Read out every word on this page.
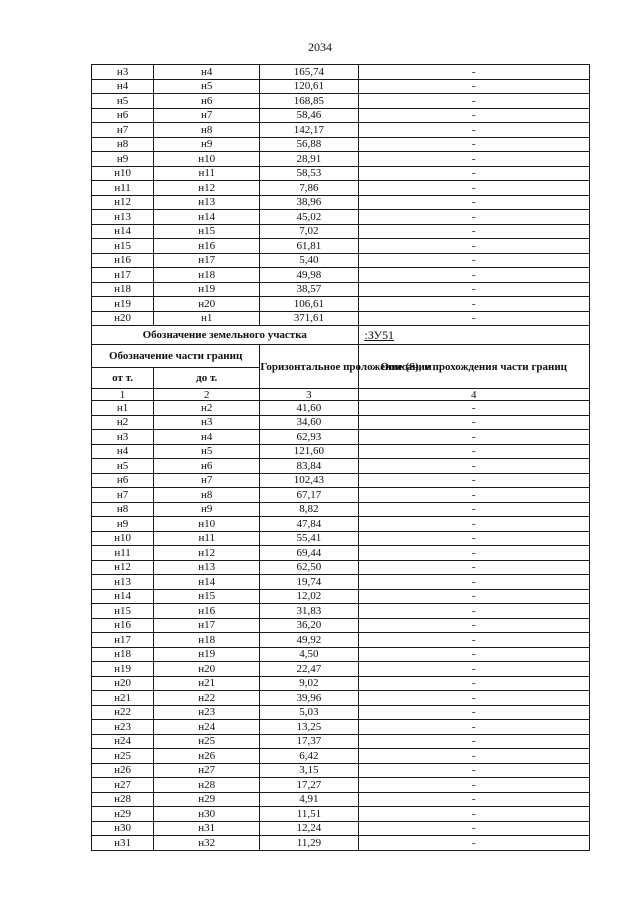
2034
н3	н4	165,74	-
н4	н5	120,61	-
н5	н6	168,85	-
н6	н7	58,46	-
н7	н8	142,17	-
н8	н9	56,88	-
н9	н10	28,91	-
н10	н11	58,53	-
н11	н12	7,86	-
н12	н13	38,96	-
н13	н14	45,02	-
н14	н15	7,02	-
н15	н16	61,81	-
н16	н17	5,40	-
н17	н18	49,98	-
н18	н19	38,57	-
н19	н20	106,61	-
н20	н1	371,61	-
Обозначение земельного участка			:ЗУ51
Обозначение части границ		Горизонтальное проложение (S), м	Описание прохождения части границ
от т.	до т.		
1	2	3	4
н1	н2	41,60	-
н2	н3	34,60	-
н3	н4	62,93	-
н4	н5	121,60	-
н5	н6	83,84	-
н6	н7	102,43	-
н7	н8	67,17	-
н8	н9	8,82	-
н9	н10	47,84	-
н10	н11	55,41	-
н11	н12	69,44	-
н12	н13	62,50	-
н13	н14	19,74	-
н14	н15	12,02	-
н15	н16	31,83	-
н16	н17	36,20	-
н17	н18	49,92	-
н18	н19	4,50	-
н19	н20	22,47	-
н20	н21	9,02	-
н21	н22	39,96	-
н22	н23	5,03	-
н23	н24	13,25	-
н24	н25	17,37	-
н25	н26	6,42	-
н26	н27	3,15	-
н27	н28	17,27	-
н28	н29	4,91	-
н29	н30	11,51	-
н30	н31	12,24	-
н31	н32	11,29	-
